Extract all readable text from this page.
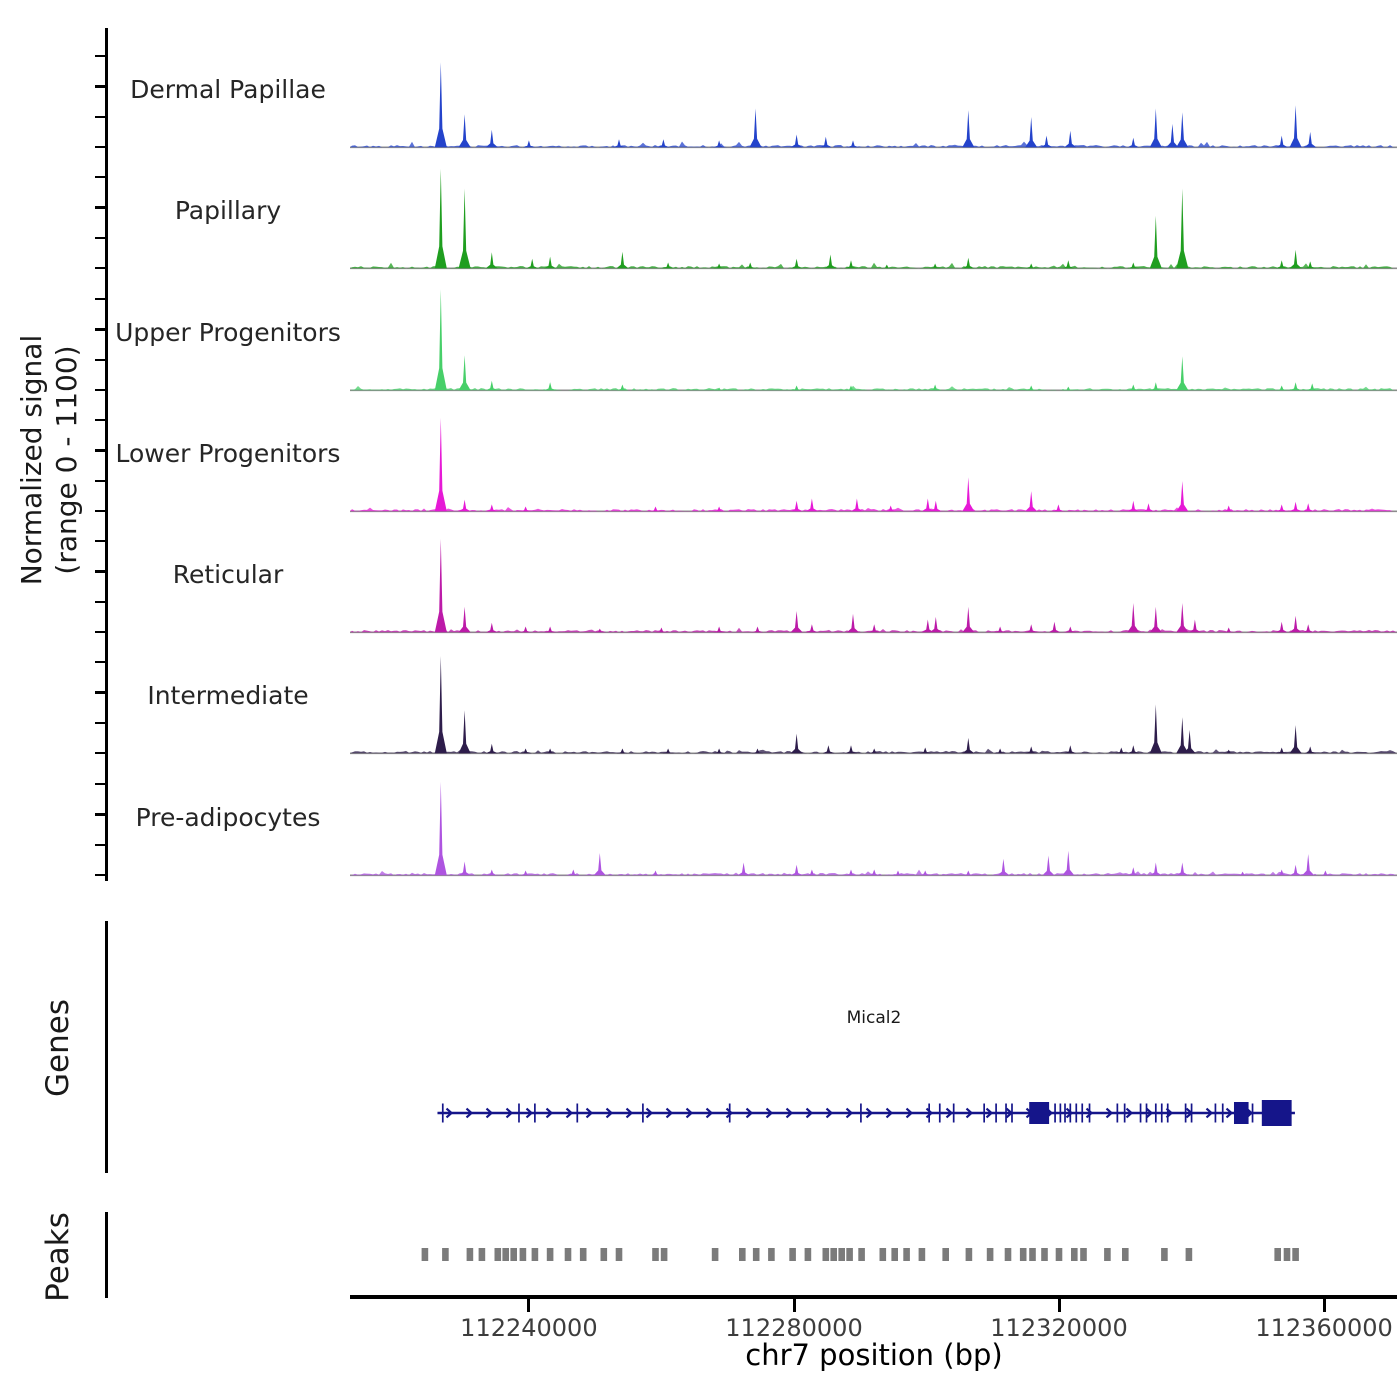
Normalized signal
(range 0 - 1100)
Genes
Peaks
Dermal Papillae
Papillary
Upper Progenitors
Lower Progenitors
Reticular
Intermediate
Pre-adipocytes
Mical2
112240000	112280000	112320000	112360000
chr7 position (bp)
